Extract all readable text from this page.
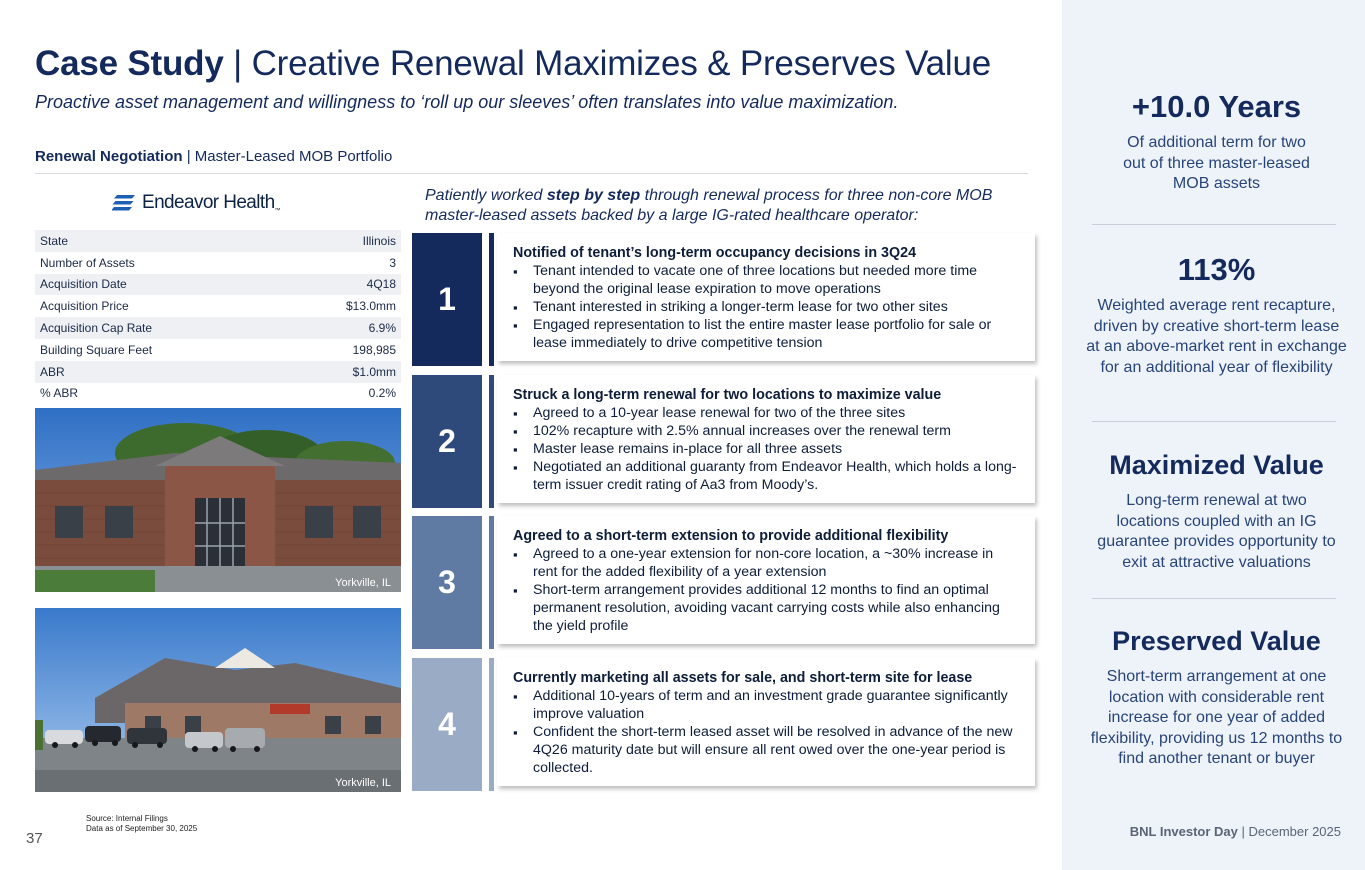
Case Study | Creative Renewal Maximizes & Preserves Value
Proactive asset management and willingness to ‘roll up our sleeves’ often translates into value maximization.
Renewal Negotiation | Master-Leased MOB Portfolio
Endeavor Health™
State	Illinois
Number of Assets	3
Acquisition Date	4Q18
Acquisition Price	$13.0mm
Acquisition Cap Rate	6.9%
Building Square Feet	198,985
ABR	$1.0mm
% ABR	0.2%
Yorkville, IL
Yorkville, IL
Patiently worked step by step through renewal process for three non-core MOB master-leased assets backed by a large IG-rated healthcare operator:
1
Notified of tenant’s long-term occupancy decisions in 3Q24
▪ Tenant intended to vacate one of three locations but needed more time beyond the original lease expiration to move operations
▪ Tenant interested in striking a longer-term lease for two other sites
▪ Engaged representation to list the entire master lease portfolio for sale or lease immediately to drive competitive tension
2
Struck a long-term renewal for two locations to maximize value
▪ Agreed to a 10-year lease renewal for two of the three sites
▪ 102% recapture with 2.5% annual increases over the renewal term
▪ Master lease remains in-place for all three assets
▪ Negotiated an additional guaranty from Endeavor Health, which holds a long-term issuer credit rating of Aa3 from Moody’s.
3
Agreed to a short-term extension to provide additional flexibility
▪ Agreed to a one-year extension for non-core location, a ~30% increase in rent for the added flexibility of a year extension
▪ Short-term arrangement provides additional 12 months to find an optimal permanent resolution, avoiding vacant carrying costs while also enhancing the yield profile
4
Currently marketing all assets for sale, and short-term site for lease
▪ Additional 10-years of term and an investment grade guarantee significantly improve valuation
▪ Confident the short-term leased asset will be resolved in advance of the new 4Q26 maturity date but will ensure all rent owed over the one-year period is collected.
+10.0 Years
Of additional term for two out of three master-leased MOB assets
113%
Weighted average rent recapture, driven by creative short-term lease at an above-market rent in exchange for an additional year of flexibility
Maximized Value
Long-term renewal at two locations coupled with an IG guarantee provides opportunity to exit at attractive valuations
Preserved Value
Short-term arrangement at one location with considerable rent increase for one year of added flexibility, providing us 12 months to find another tenant or buyer
Source: Internal Filings
Data as of September 30, 2025
37	BNL Investor Day | December 2025
